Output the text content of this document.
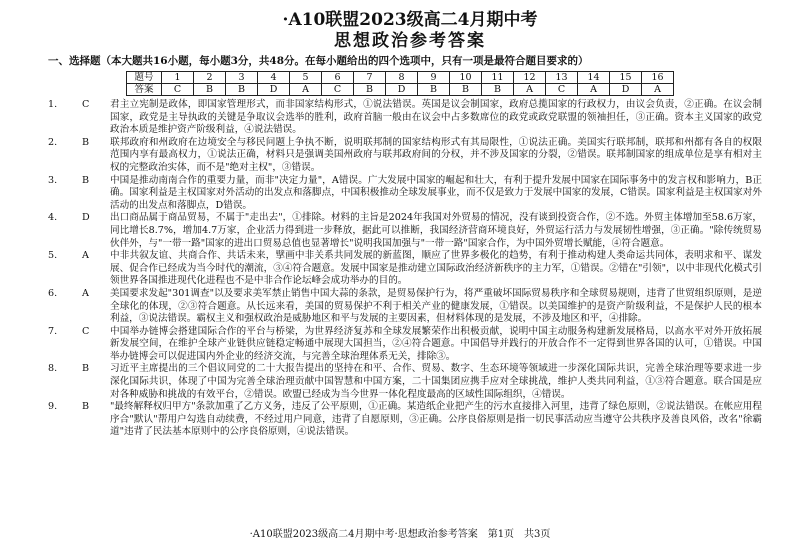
·A10联盟2023级高二4月期中考
思想政治参考答案
一、选择题（本大题共16小题，每小题3分，共48分。在每小题给出的四个选项中，只有一项是最符合题目要求的）
题号	1	2	3	4	5	6	7	8	9	10	11	12	13	14	15	16
答案	C	B	B	D	A	C	B	D	B	B	B	A	C	A	D	A
1.	C	君主立宪制是政体，即国家管理形式，而非国家结构形式，①说法错误。英国是议会制国家，政府总揽国家的行政权力，由议会负责，②正确。在议会制国家，政党是主导执政的关键是争取议会选举的胜利，政府首脑一般由在议会中占多数席位的政党或政党联盟的领袖担任，③正确。资本主义国家的政党政治本质是维护资产阶级利益，④说法错误。
2.	B	联邦政府和州政府在边境安全与移民问题上争执不断，说明联邦制的国家结构形式有其局限性，①说法正确。美国实行联邦制，联邦和州都有各自的权限范围内享有最高权力，①说法正确，材料只是强调美国州政府与联邦政府间的分权，并不涉及国家的分裂，②错误。联邦制国家的组成单位是享有相对主权的完整政治实体，而不是"绝对主权"，③错误。
3.	B	中国是推动南南合作的重要力量，而非"决定力量"，A错误。广大发展中国家的崛起和壮大，有利于提升发展中国家在国际事务中的发言权和影响力，B正确。国家利益是主权国家对外活动的出发点和落脚点，中国积极推动全球发展事业，而不仅是致力于发展中国家的发展，C错误。国家利益是主权国家对外活动的出发点和落脚点，D错误。
4.	D	出口商品属于商品贸易，不属于"走出去"，①排除。材料的主旨是2024年我国对外贸易的情况，没有谈到投资合作，②不选。外贸主体增加至58.6万家，同比增长8.7%，增加4.7万家，企业活力得到进一步释放，据此可以推断，我国经济营商环境良好，外贸运行活力与发展韧性增强，③正确。"除传统贸易伙伴外，与"一带一路"国家的进出口贸易总值也显著增长"说明我国加强与"一带一路"国家合作，为中国外贸增长赋能，④符合题意。
5.	A	中非共叙友谊、共商合作、共话未来，擘画中非关系共同发展的新蓝图，顺应了世界多极化的趋势，有利于推动构建人类命运共同体，表明求和平、谋发展、促合作已经成为当今时代的潮流，③④符合题意。发展中国家是推动建立国际政治经济新秩序的主力军，①错误。②错在"引领"，以中非现代化模式引领世界各国推进现代化进程也不是中非合作论坛峰会成功举办的目的。
6.	A	美国要求发起"301调查"以及要求美军禁止销售中国大蒜的条款，是贸易保护行为，将严重破坏国际贸易秩序和全球贸易规则，违背了世贸组织原则，是逆全球化的体现，②③符合题意。从长远来看，美国的贸易保护不利于相关产业的健康发展，①错误。以美国维护的是资产阶级利益，不是保护人民的根本利益，③说法错误。霸权主义和强权政治是威胁地区和平与发展的主要因素，但材料体现的是发展，不涉及地区和平，④排除。
7.	C	中国举办链博会搭建国际合作的平台与桥梁，为世界经济复苏和全球发展繁荣作出积极贡献，说明中国主动服务构建新发展格局，以高水平对外开放拓展新发展空间，在维护全球产业链供应链稳定畅通中展现大国担当，②④符合题意。中国倡导并践行的开放合作不一定得到世界各国的认可，①错误。中国举办链博会可以促进国内外企业的经济交流，与完善全球治理体系无关，排除③。
8.	B	习近平主席提出的三个倡议同党的二十大报告提出的坚持在和平、合作、贸易、数字、生态环境等领域进一步深化国际共识，完善全球治理等要求进一步深化国际共识，体现了中国为完善全球治理贡献中国智慧和中国方案，二十国集团应携手应对全球挑战，维护人类共同利益，①③符合题意。联合国是应对各种威胁和挑战的有效平台，②错误。欧盟已经成为当今世界一体化程度最高的区域性国际组织，④错误。
9.	B	"最终解释权归甲方"条款加重了乙方义务，违反了公平原则，①正确。某造纸企业把产生的污水直接排入河里，违背了绿色原则，②说法错误。在帐应用程序合"默认"帮用户勾选自动续费，不经过用户同意，违背了自愿原则，③正确。公序良俗原则是指一切民事活动应当遵守公共秩序及善良风俗，改名"徐霸道"违背了民法基本原则中的公序良俗原则，④说法错误。
·A10联盟2023级高二4月期中考·思想政治参考答案　第1页　共3页
